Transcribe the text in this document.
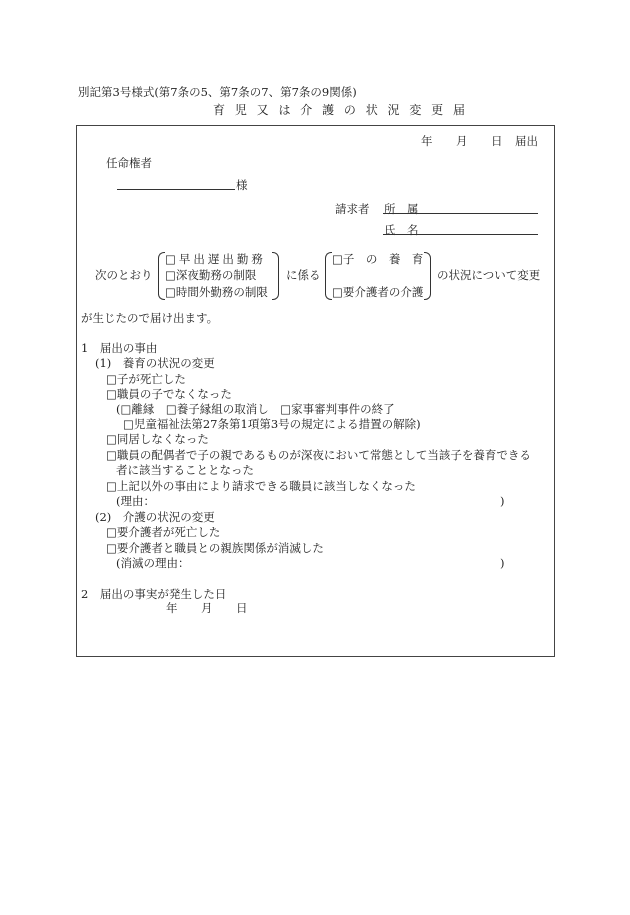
別記第3号様式(第7条の5、第7条の7、第7条の9関係)
育 児 又 は 介 護 の 状 況 変 更 届
年 月 日 届出
任命権者
様
請求者 所　属
氏　名
次のとおり
□早出遅出勤務
□深夜勤務の制限
□時間外勤務の制限
に係る
□子　の　養　育
□要介護者の介護
の状況について変更
が生じたので届け出ます。
1　届出の事由
(1)　養育の状況の変更
□子が死亡した
□職員の子でなくなった
(□離縁　□養子縁組の取消し　□家事審判事件の終了
□児童福祉法第27条第1項第3号の規定による措置の解除)
□同居しなくなった
□職員の配偶者で子の親であるものが深夜において常態として当該子を養育できる
者に該当することとなった
□上記以外の事由により請求できる職員に該当しなくなった
(理由：	)
(2)　介護の状況の変更
□要介護者が死亡した
□要介護者と職員との親族関係が消滅した
(消滅の理由：	)
2　届出の事実が発生した日
年 月 日
